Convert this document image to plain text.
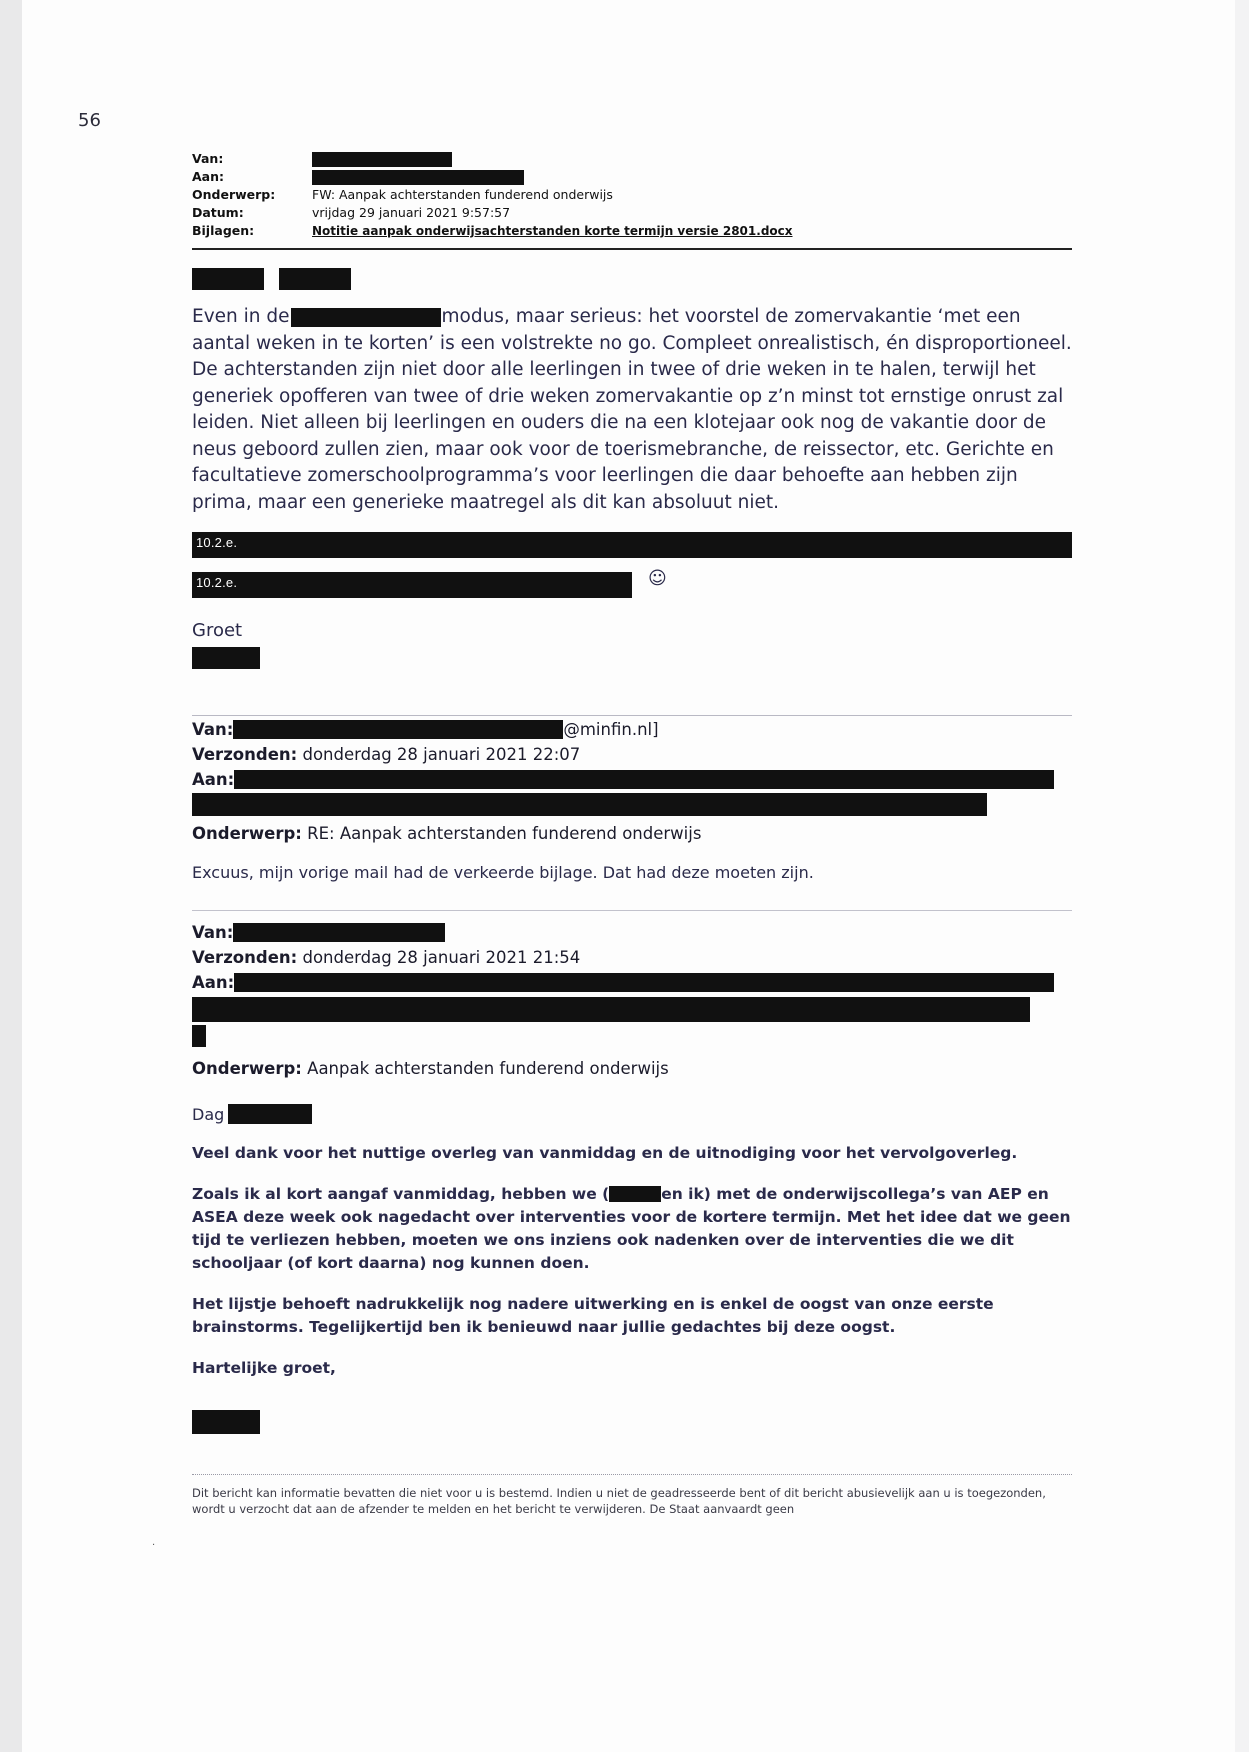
56
Van:
Aan:
Onderwerp:	FW: Aanpak achterstanden funderend onderwijs
Datum:	vrijdag 29 januari 2021 9:57:57
Bijlagen:	Notitie aanpak onderwijsachterstanden korte termijn versie 2801.docx

Even in de	modus, maar serieus: het voorstel de zomervakantie ‘met een aantal weken in te korten’ is een volstrekte no go. Compleet onrealistisch, én disproportioneel. De achterstanden zijn niet door alle leerlingen in twee of drie weken in te halen, terwijl het generiek opofferen van twee of drie weken zomervakantie op z’n minst tot ernstige onrust zal leiden. Niet alleen bij leerlingen en ouders die na een klotejaar ook nog de vakantie door de neus geboord zullen zien, maar ook voor de toerismebranche, de reissector, etc. Gerichte en facultatieve zomerschoolprogramma’s voor leerlingen die daar behoefte aan hebben zijn prima, maar een generieke maatregel als dit kan absoluut niet.
10.2.e.
10.2.e.	☺
Groet
Van:	@minfin.nl]
Verzonden: donderdag 28 januari 2021 22:07
Aan:
Onderwerp: RE: Aanpak achterstanden funderend onderwijs
Excuus, mijn vorige mail had de verkeerde bijlage. Dat had deze moeten zijn.
Van:
Verzonden: donderdag 28 januari 2021 21:54
Aan:
Onderwerp: Aanpak achterstanden funderend onderwijs
Dag
Veel dank voor het nuttige overleg van vanmiddag en de uitnodiging voor het vervolgoverleg.
Zoals ik al kort aangaf vanmiddag, hebben we (	en ik) met de onderwijscollega’s van AEP en ASEA deze week ook nagedacht over interventies voor de kortere termijn. Met het idee dat we geen tijd te verliezen hebben, moeten we ons inziens ook nadenken over de interventies die we dit schooljaar (of kort daarna) nog kunnen doen.
Het lijstje behoeft nadrukkelijk nog nadere uitwerking en is enkel de oogst van onze eerste brainstorms. Tegelijkertijd ben ik benieuwd naar jullie gedachtes bij deze oogst.
Hartelijke groet,
Dit bericht kan informatie bevatten die niet voor u is bestemd. Indien u niet de geadresseerde bent of dit bericht abusievelijk aan u is toegezonden, wordt u verzocht dat aan de afzender te melden en het bericht te verwijderen. De Staat aanvaardt geen
·
